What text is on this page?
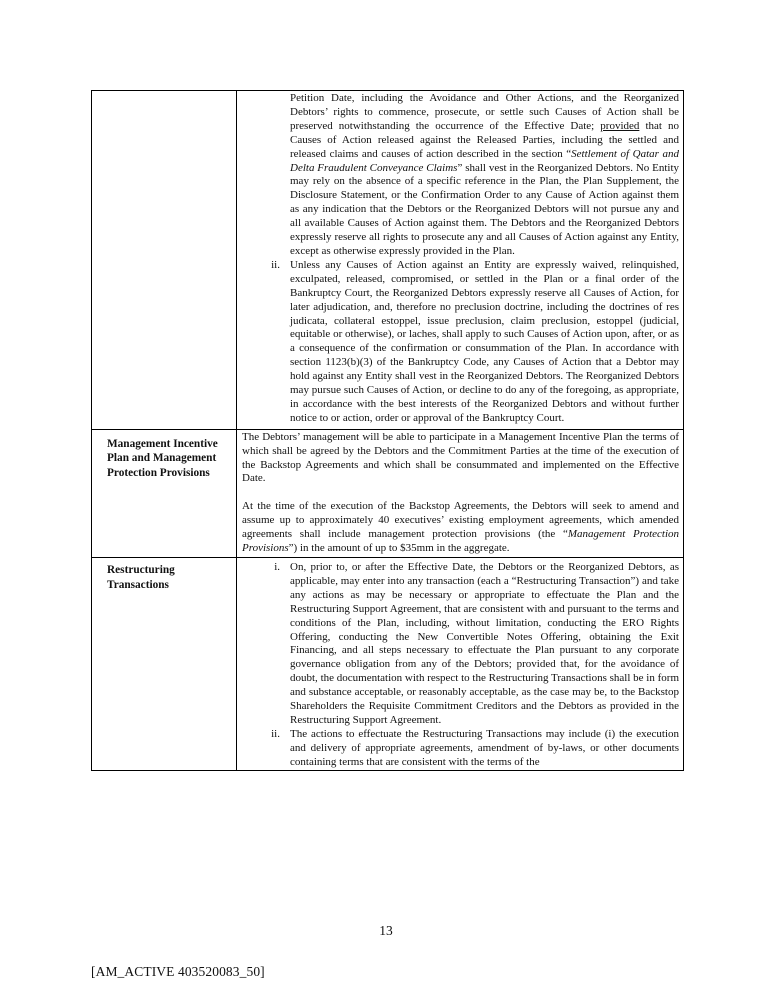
	Petition Date, including the Avoidance and Other Actions, and the Reorganized Debtors’ rights to commence, prosecute, or settle such Causes of Action shall be preserved notwithstanding the occurrence of the Effective Date; provided that no Causes of Action released against the Released Parties, including the settled and released claims and causes of action described in the section “Settlement of Qatar and Delta Fraudulent Conveyance Claims” shall vest in the Reorganized Debtors. No Entity may rely on the absence of a specific reference in the Plan, the Plan Supplement, the Disclosure Statement, or the Confirmation Order to any Cause of Action against them as any indication that the Debtors or the Reorganized Debtors will not pursue any and all available Causes of Action against them. The Debtors and the Reorganized Debtors expressly reserve all rights to prosecute any and all Causes of Action against any Entity, except as otherwise expressly provided in the Plan.
ii. Unless any Causes of Action against an Entity are expressly waived, relinquished, exculpated, released, compromised, or settled in the Plan or a final order of the Bankruptcy Court, the Reorganized Debtors expressly reserve all Causes of Action, for later adjudication, and, therefore no preclusion doctrine, including the doctrines of res judicata, collateral estoppel, issue preclusion, claim preclusion, estoppel (judicial, equitable or otherwise), or laches, shall apply to such Causes of Action upon, after, or as a consequence of the confirmation or consummation of the Plan. In accordance with section 1123(b)(3) of the Bankruptcy Code, any Causes of Action that a Debtor may hold against any Entity shall vest in the Reorganized Debtors. The Reorganized Debtors may pursue such Causes of Action, or decline to do any of the foregoing, as appropriate, in accordance with the best interests of the Reorganized Debtors and without further notice to or action, order or approval of the Bankruptcy Court.

Management Incentive Plan and Management Protection Provisions	The Debtors’ management will be able to participate in a Management Incentive Plan the terms of which shall be agreed by the Debtors and the Commitment Parties at the time of the execution of the Backstop Agreements and which shall be consummated and implemented on the Effective Date.

At the time of the execution of the Backstop Agreements, the Debtors will seek to amend and assume up to approximately 40 executives’ existing employment agreements, which amended agreements shall include management protection provisions (the “Management Protection Provisions”) in the amount of up to $35mm in the aggregate.

Restructuring Transactions	i. On, prior to, or after the Effective Date, the Debtors or the Reorganized Debtors, as applicable, may enter into any transaction (each a “Restructuring Transaction”) and take any actions as may be necessary or appropriate to effectuate the Plan and the Restructuring Support Agreement, that are consistent with and pursuant to the terms and conditions of the Plan, including, without limitation, conducting the ERO Rights Offering, conducting the New Convertible Notes Offering, obtaining the Exit Financing, and all steps necessary to effectuate the Plan pursuant to any corporate governance obligation from any of the Debtors; provided that, for the avoidance of doubt, the documentation with respect to the Restructuring Transactions shall be in form and substance acceptable, or reasonably acceptable, as the case may be, to the Backstop Shareholders the Requisite Commitment Creditors and the Debtors as provided in the Restructuring Support Agreement.
ii. The actions to effectuate the Restructuring Transactions may include (i) the execution and delivery of appropriate agreements, amendment of by-laws, or other documents containing terms that are consistent with the terms of the
13
[AM_ACTIVE 403520083_50]
